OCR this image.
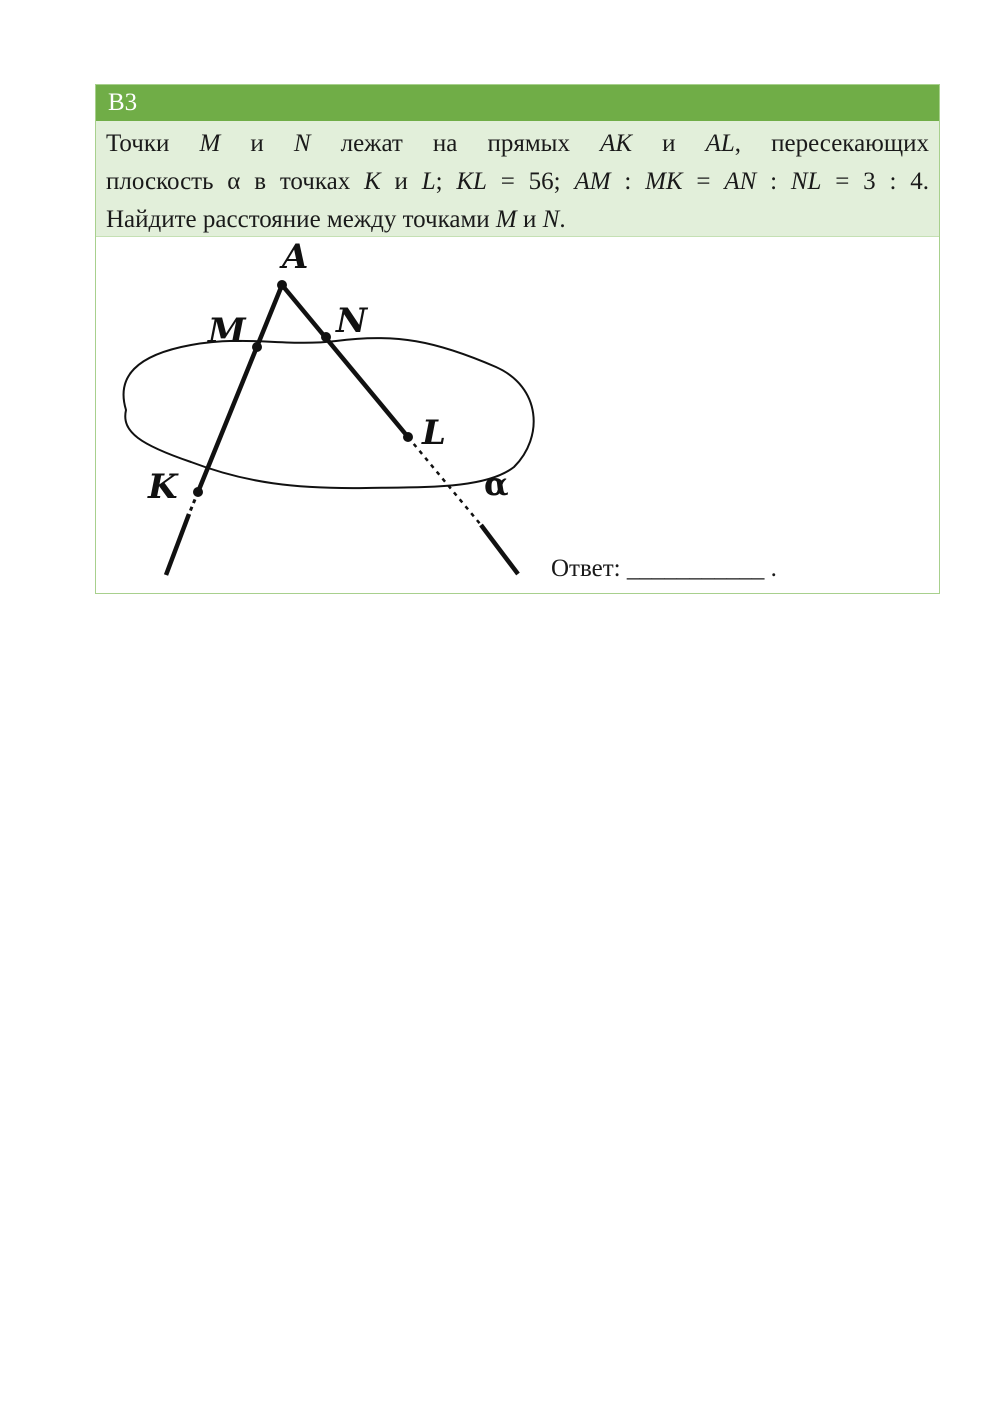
B3
Точки M и N лежат на прямых AK и AL, пересекающих
плоскость α в точках K и L; KL = 56; AM : MK = AN : NL = 3 : 4.
Найдите расстояние между точками M и N.
A
M	N
L
K	α
Ответ: ___________ .
